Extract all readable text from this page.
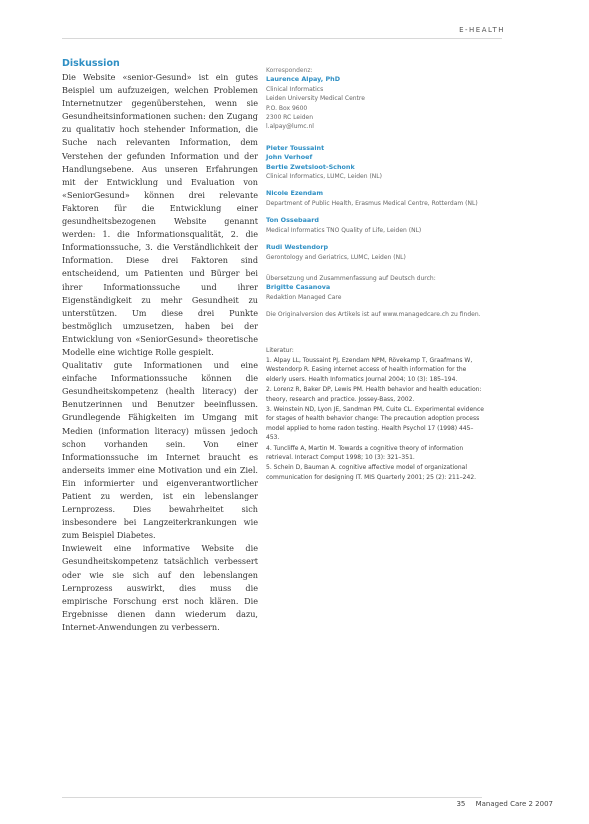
E-HEALTH
Diskussion

Die Website «senior-Gesund» ist ein gutes Beispiel um aufzuzeigen, welchen Problemen Internetnutzer gegenüberstehen, wenn sie Gesundheitsinformationen suchen: den Zugang zu qualitativ hoch stehender Information, die Suche nach relevanten Information, dem Verstehen der gefunden Information und der Handlungsebene. Aus unseren Erfahrungen mit der Entwicklung und Evaluation von «SeniorGesund» können drei relevante Faktoren für die Entwicklung einer gesundheitsbezogenen Website genannt werden: 1. die Informationsqualität, 2. die Informationssuche, 3. die Verständlichkeit der Information. Diese drei Faktoren sind entscheidend, um Patienten und Bürger bei ihrer Informationssuche und ihrer Eigenständigkeit zu mehr Gesundheit zu unterstützen. Um diese drei Punkte bestmöglich umzusetzen, haben bei der Entwicklung von «SeniorGesund» theoretische Modelle eine wichtige Rolle gespielt.

Qualitativ gute Informationen und eine einfache Informationssuche können die Gesundheitskompetenz (health literacy) der Benutzerinnen und Benutzer beeinflussen. Grundlegende Fähigkeiten im Umgang mit Medien (information literacy) müssen jedoch schon vorhanden sein. Von einer Informationssuche im Internet braucht es anderseits immer eine Motivation und ein Ziel. Ein informierter und eigenverantwortlicher Patient zu werden, ist ein lebenslanger Lernprozess. Dies bewahrheitet sich insbesondere bei Langzeiterkrankungen wie zum Beispiel Diabetes.

Inwieweit eine informative Website die Gesundheitskompetenz tatsächlich verbessert oder wie sie sich auf den lebenslangen Lernprozess auswirkt, dies muss die empirische Forschung erst noch klären. Die Ergebnisse dienen dann wiederum dazu, Internet-Anwendungen zu verbessern.

Korrespondenz:
Laurence Alpay, PhD
Clinical Informatics
Leiden University Medical Centre
P.O. Box 9600
2300 RC Leiden
l.alpay@lumc.nl
Pieter Toussaint
John Verhoef
Bertie Zwetsloot-Schonk
Clinical Informatics, LUMC, Leiden (NL)
Nicole Ezendam
Department of Public Health, Erasmus Medical Centre, Rotterdam (NL)
Ton Ossebaard
Medical Informatics TNO Quality of Life, Leiden (NL)
Rudi Westendorp
Gerontology and Geriatrics, LUMC, Leiden (NL)
Übersetzung und Zusammenfassung auf Deutsch durch:
Brigitte Casanova
Redaktion Managed Care
Die Originalversion des Artikels ist auf www.managedcare.ch zu finden.
Literatur:
1. Alpay LL, Toussaint PJ, Ezendam NPM, Rövekamp T, Graafmans W, Westendorp R. Easing internet access of health information for the elderly users. Health Informatics Journal 2004; 10 (3): 185–194.
2. Lorenz R, Baker DP, Lewis PM. Health behavior and health education: theory, research and practice. Jossey-Bass, 2002.
3. Weinstein ND, Lyon JE, Sandman PM, Cuite CL. Experimental evidence for stages of health behavior change: The precaution adoption process model applied to home radon testing. Health Psychol 17 (1998) 445–453.
4. Tuncliffe A, Martin M. Towards a cognitive theory of information retrieval. Interact Comput 1998; 10 (3): 321–351.
5. Schein D, Bauman A. cognitive affective model of organizational communication for designing IT. MIS Quarterly 2001; 25 (2): 211–242.
35 Managed Care 2 2007
